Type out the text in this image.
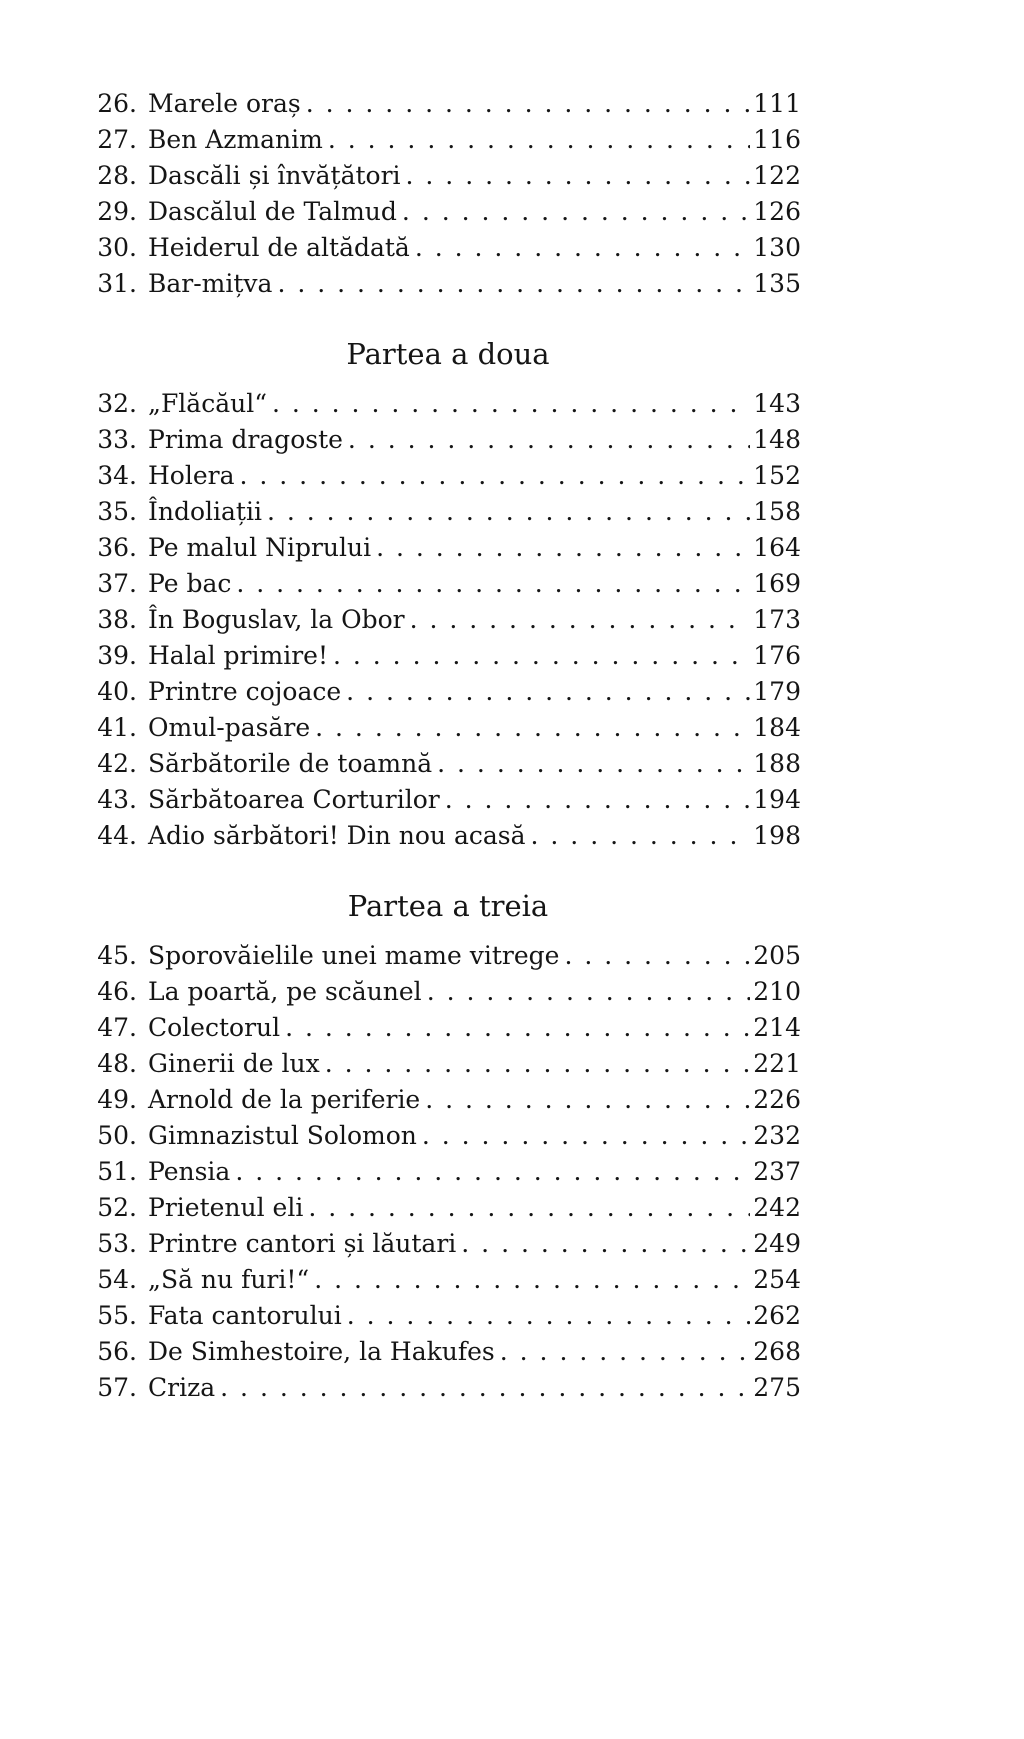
26. Marele oraș . . .	111
27. Ben Azmanim . . .	116
28. Dascăli și învățători . . .	122
29. Dascălul de Talmud . . .	126
30. Heiderul de altădată . . .	130
31. Bar-mițva . . .	135
Partea a doua
32. „Flăcăul“ . . .	143
33. Prima dragoste . . .	148
34. Holera . . .	152
35. Îndoliații . . .	158
36. Pe malul Niprului . . .	164
37. Pe bac . . .	169
38. În Boguslav, la Obor . . .	173
39. Halal primire! . . .	176
40. Printre cojoace . . .	179
41. Omul-pasăre . . .	184
42. Sărbătorile de toamnă . . .	188
43. Sărbătoarea Corturilor . . .	194
44. Adio sărbători! Din nou acasă . . .	198
Partea a treia
45. Sporovăielile unei mame vitrege . . .	205
46. La poartă, pe scăunel . . .	210
47. Colectorul . . .	214
48. Ginerii de lux . . .	221
49. Arnold de la periferie . . .	226
50. Gimnazistul Solomon . . .	232
51. Pensia . . .	237
52. Prietenul eli . . .	242
53. Printre cantori și lăutari . . .	249
54. „Să nu furi!“ . . .	254
55. Fata cantorului . . .	262
56. De Simhestoire, la Hakufes . . .	268
57. Criza . . .	275
